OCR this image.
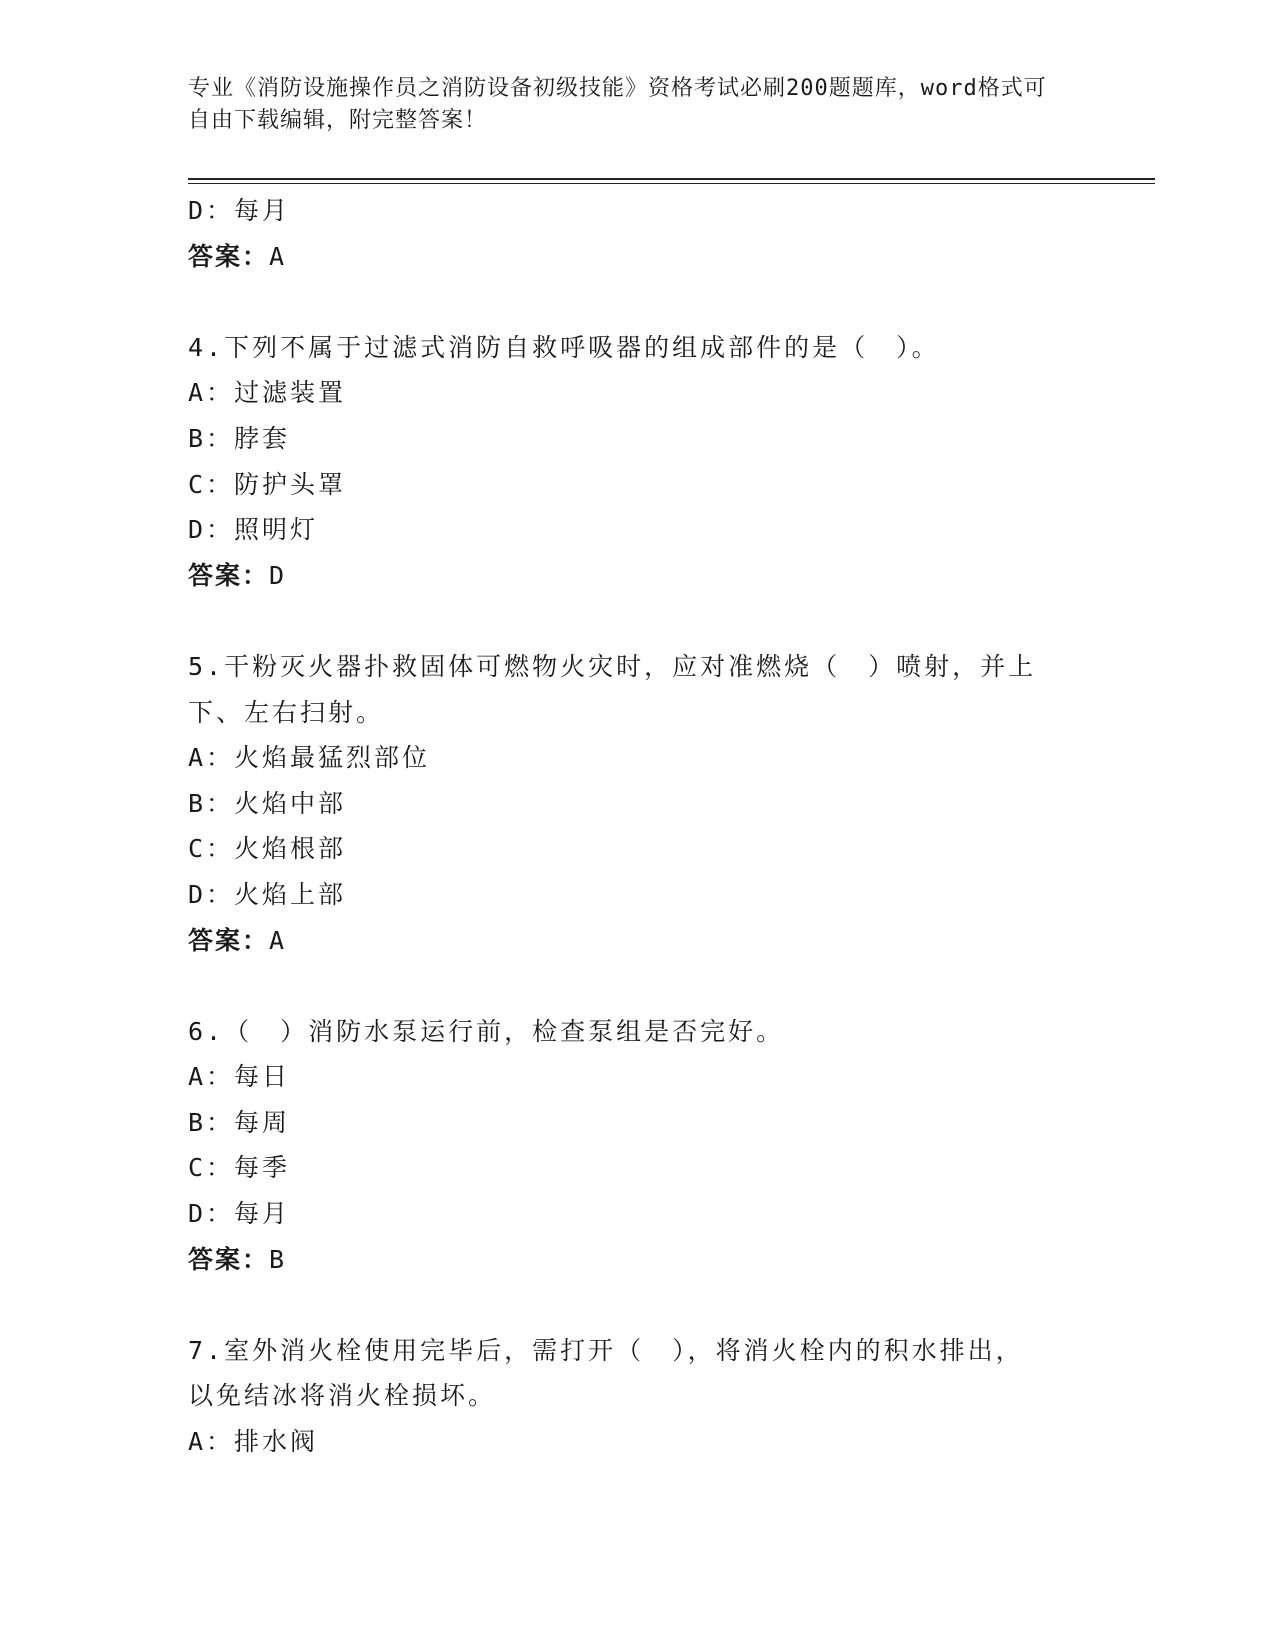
专业《消防设施操作员之消防设备初级技能》资格考试必刷200题题库，word格式可自由下载编辑，附完整答案！
D：每月
答案：A
4.下列不属于过滤式消防自救呼吸器的组成部件的是（　）。
A：过滤装置
B：脖套
C：防护头罩
D：照明灯
答案：D
5.干粉灭火器扑救固体可燃物火灾时，应对准燃烧（　）喷射，并上
下、左右扫射。
A：火焰最猛烈部位
B：火焰中部
C：火焰根部
D：火焰上部
答案：A
6.（　）消防水泵运行前，检查泵组是否完好。
A：每日
B：每周
C：每季
D：每月
答案：B
7.室外消火栓使用完毕后，需打开（　），将消火栓内的积水排出，
以免结冰将消火栓损坏。
A：排水阀
